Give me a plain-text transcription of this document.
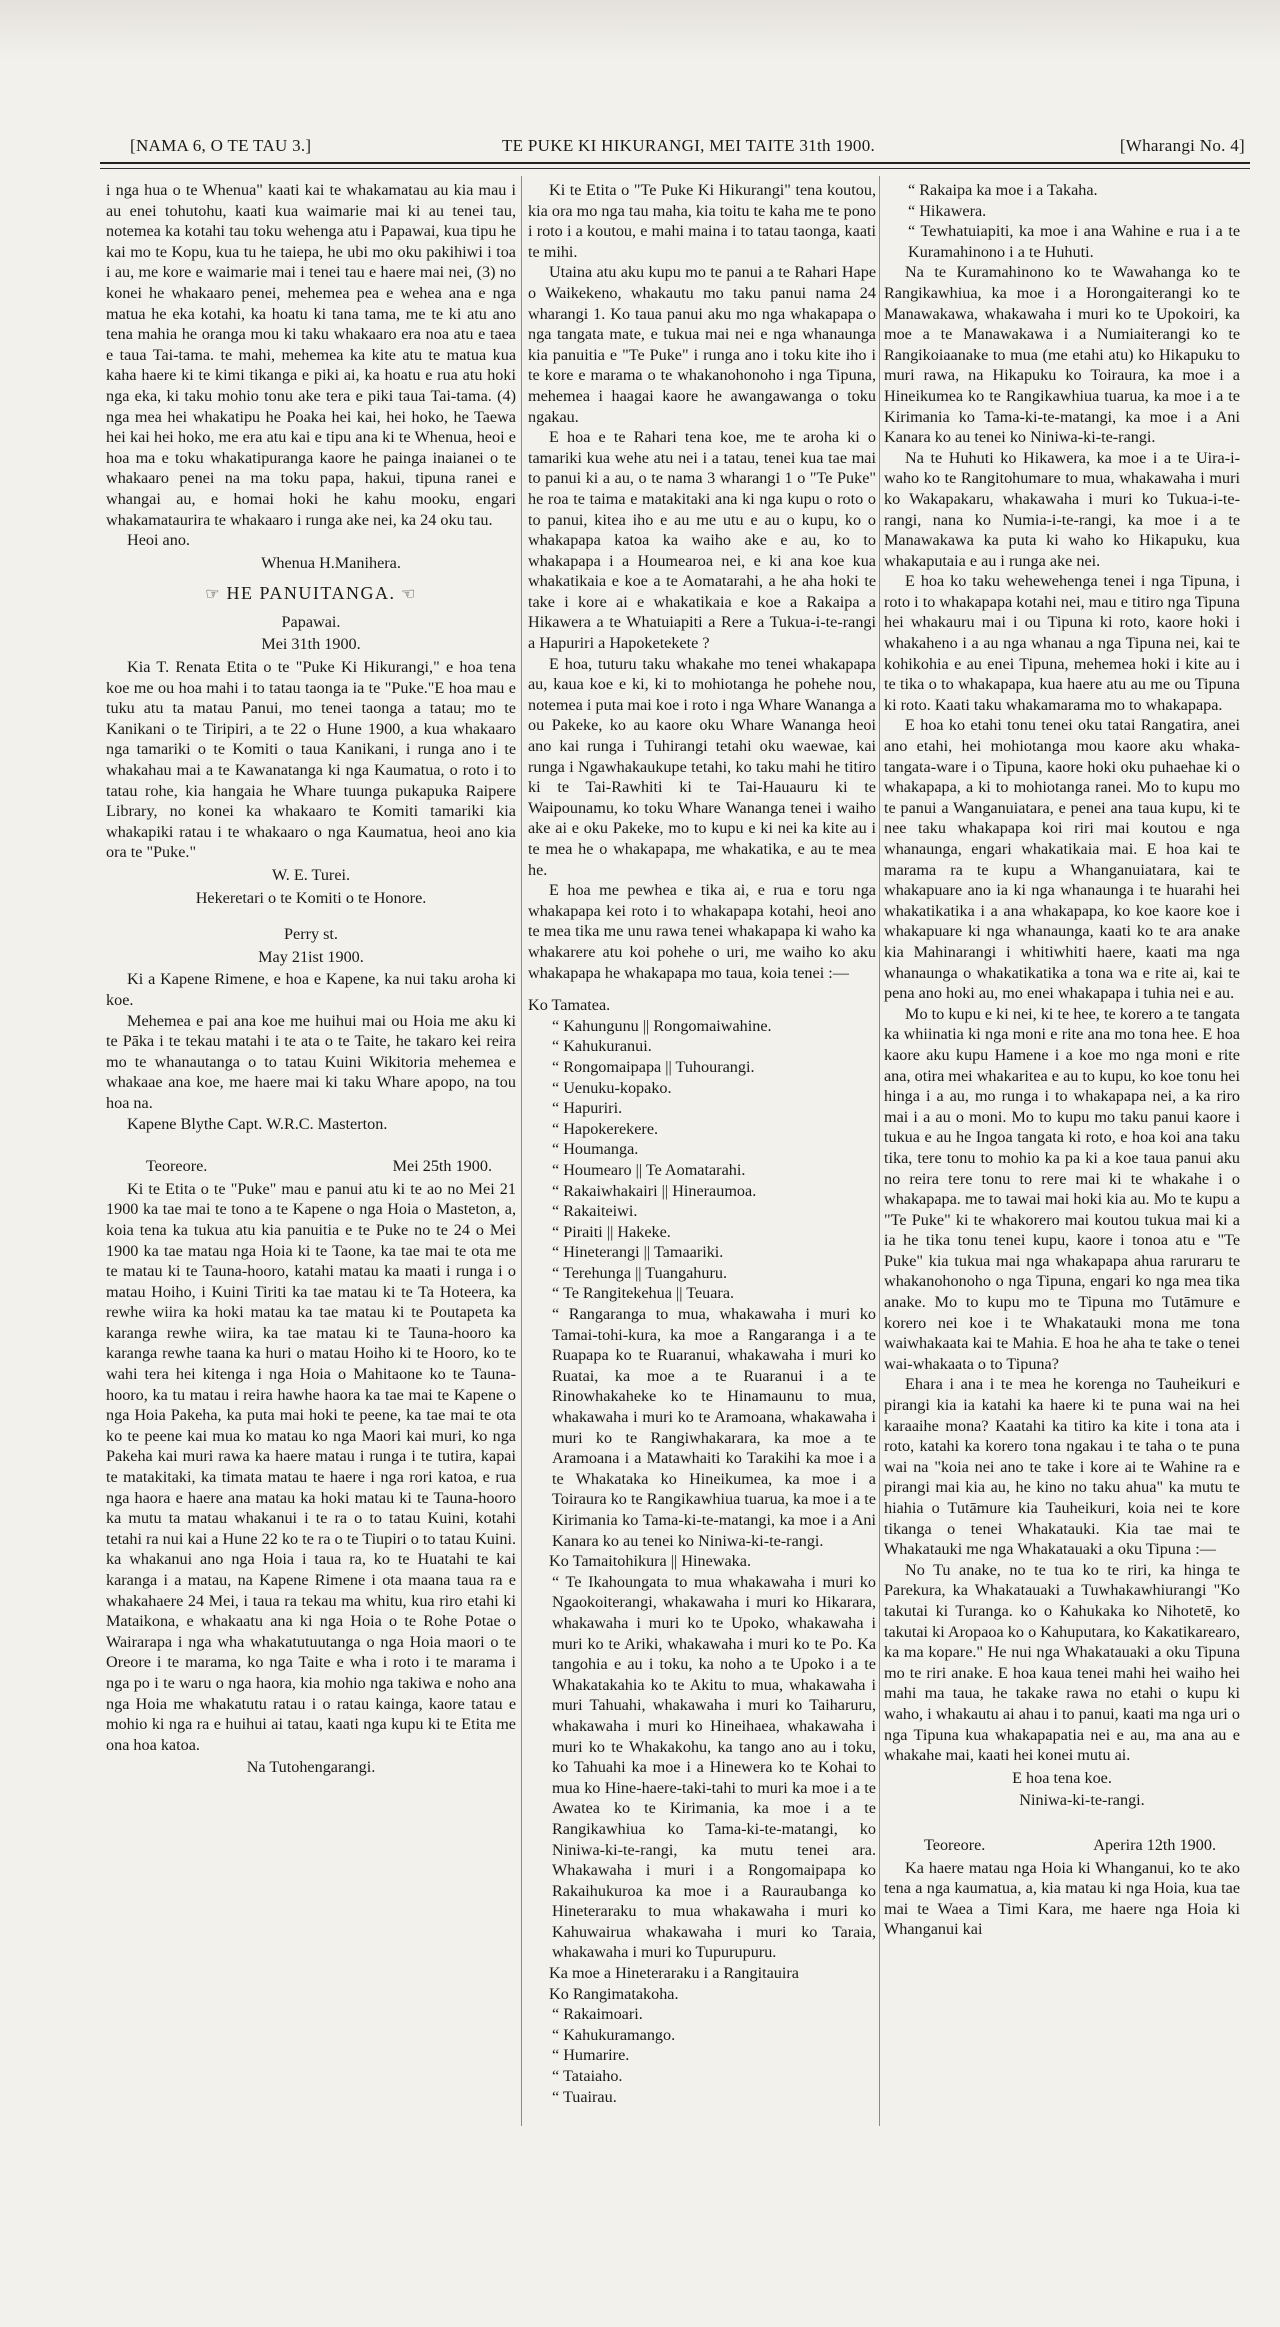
[NAMA 6, O TE TAU 3.]	TE PUKE KI HIKURANGI, MEI TAITE 31th 1900.	[Wharangi No. 4]

i nga hua o te Whenua" kaati kai te whakamatau au kia mau i au enei tohutohu, kaati kua waimarie mai ki au tenei tau, notemea ka kotahi tau toku wehenga atu i Papawai, kua tipu he kai mo te Kopu, kua tu he taiepa, he ubi mo oku pakihiwi i toa i au, me kore e waimarie mai i tenei tau e haere mai nei, (3) no konei he whakaaro penei, mehemea pea e wehea ana e nga matua he eka kotahi, ka hoatu ki tana tama, me te ki atu ano tena mahia he oranga mou ki taku whakaaro era noa atu e taea e taua Tai-tama. te mahi, mehemea ka kite atu te matua kua kaha haere ki te kimi tikanga e piki ai, ka hoatu e rua atu hoki nga eka, ki taku mohio tonu ake tera e piki taua Tai-tama. (4) nga mea hei whakatipu he Poaka hei kai, hei hoko, he Taewa hei kai hei hoko, me era atu kai e tipu ana ki te Whenua, heoi e hoa ma e toku whakatipuranga kaore he painga inaianei o te whakaaro penei na ma toku papa, hakui, tipuna ranei e whangai au, e homai hoki he kahu mooku, engari whakamataurira te whakaaro i runga ake nei, ka 24 oku tau.

Heoi ano.

Whenua H.Manihera.

☞ HE PANUITANGA. ☜

Papawai.

Mei 31th 1900.

Kia T. Renata Etita o te "Puke Ki Hikurangi," e hoa tena koe me ou hoa mahi i to tatau taonga ia te "Puke."E hoa mau e tuku atu ta matau Panui, mo tenei taonga a tatau; mo te Kanikani o te Tiripiri, a te 22 o Hune 1900, a kua whakaaro nga tamariki o te Komiti o taua Kanikani, i runga ano i te whakahau mai a te Kawanatanga ki nga Kaumatua, o roto i to tatau rohe, kia hangaia he Whare tuunga pukapuka Raipere Library, no konei ka whakaaro te Komiti tamariki kia whakapiki ratau i te whakaaro o nga Kaumatua, heoi ano kia ora te "Puke."

W. E. Turei.

Hekeretari o te Komiti o te Honore.

Perry st.

May 21ist 1900.

Ki a Kapene Rimene, e hoa e Kapene, ka nui taku aroha ki koe.

Mehemea e pai ana koe me huihui mai ou Hoia me aku ki te Pāka i te tekau matahi i te ata o te Taite, he takaro kei reira mo te whanautanga o to tatau Kuini Wikitoria mehemea e whakaae ana koe, me haere mai ki taku Whare apopo, na tou hoa na.

Kapene Blythe Capt. W.R.C. Masterton.

Teoreore.	Mei 25th 1900.

Ki te Etita o te "Puke" mau e panui atu ki te ao no Mei 21 1900 ka tae mai te tono a te Kapene o nga Hoia o Masteton, a, koia tena ka tukua atu kia panuitia e te Puke no te 24 o Mei 1900 ka tae matau nga Hoia ki te Taone, ka tae mai te ota me te matau ki te Tauna-hooro, katahi matau ka maati i runga i o matau Hoiho, i Kuini Tiriti ka tae matau ki te Ta Hoteera, ka rewhe wiira ka hoki matau ka tae matau ki te Poutapeta ka karanga rewhe wiira, ka tae matau ki te Tauna-hooro ka karanga rewhe taana ka huri o matau Hoiho ki te Hooro, ko te wahi tera hei kitenga i nga Hoia o Mahitaone ko te Tauna-hooro, ka tu matau i reira hawhe haora ka tae mai te Kapene o nga Hoia Pakeha, ka puta mai hoki te peene, ka tae mai te ota ko te peene kai mua ko matau ko nga Maori kai muri, ko nga Pakeha kai muri rawa ka haere matau i runga i te tutira, kapai te matakitaki, ka timata matau te haere i nga rori katoa, e rua nga haora e haere ana matau ka hoki matau ki te Tauna-hooro ka mutu ta matau whakanui i te ra o to tatau Kuini, kotahi tetahi ra nui kai a Hune 22 ko te ra o te Tiupiri o to tatau Kuini. ka whakanui ano nga Hoia i taua ra, ko te Huatahi te kai karanga i a matau, na Kapene Rimene i ota maana taua ra e whakahaere 24 Mei, i taua ra tekau ma whitu, kua riro etahi ki Mataikona, e whakaatu ana ki nga Hoia o te Rohe Potae o Wairarapa i nga wha whakatutuutanga o nga Hoia maori o te Oreore i te marama, ko nga Taite e wha i roto i te marama i nga po i te waru o nga haora, kia mohio nga takiwa e noho ana nga Hoia me whakatutu ratau i o ratau kainga, kaore tatau e mohio ki nga ra e huihui ai tatau, kaati nga kupu ki te Etita me ona hoa katoa.

Na Tutohengarangi.

Ki te Etita o "Te Puke Ki Hikurangi" tena koutou, kia ora mo nga tau maha, kia toitu te kaha me te pono i roto i a koutou, e mahi maina i to tatau taonga, kaati te mihi.

Utaina atu aku kupu mo te panui a te Rahari Hape o Waikekeno, whakautu mo taku panui nama 24 wharangi 1. Ko taua panui aku mo nga whakapapa o nga tangata mate, e tukua mai nei e nga whanaunga kia panuitia e "Te Puke" i runga ano i toku kite iho i te kore e marama o te whakanohonoho i nga Tipuna, mehemea i haagai kaore he awangawanga o toku ngakau.

E hoa e te Rahari tena koe, me te aroha ki o tamariki kua wehe atu nei i a tatau, tenei kua tae mai to panui ki a au, o te nama 3 wharangi 1 o "Te Puke" he roa te taima e matakitaki ana ki nga kupu o roto o to panui, kitea iho e au me utu e au o kupu, ko o whakapapa katoa ka waiho ake e au, ko to whakapapa i a Houmearoa nei, e ki ana koe kua whakatikaia e koe a te Aomatarahi, a he aha hoki te take i kore ai e whakatikaia e koe a Rakaipa a Hikawera a te Whatuiapiti a Rere a Tukua-i-te-rangi a Hapuriri a Hapoketekete ?

E hoa, tuturu taku whakahe mo tenei whakapapa au, kaua koe e ki, ki to mohiotanga he pohehe nou, notemea i puta mai koe i roto i nga Whare Wananga a ou Pakeke, ko au kaore oku Whare Wananga heoi ano kai runga i Tuhirangi tetahi oku waewae, kai runga i Ngawhakaukupe tetahi, ko taku mahi he titiro ki te Tai-Rawhiti ki te Tai-Hauauru ki te Waipounamu, ko toku Whare Wananga tenei i waiho ake ai e oku Pakeke, mo to kupu e ki nei ka kite au i te mea he o whakapapa, me whakatika, e au te mea he.

E hoa me pewhea e tika ai, e rua e toru nga whakapapa kei roto i to whakapapa kotahi, heoi ano te mea tika me unu rawa tenei whakapapa ki waho ka whakarere atu koi pohehe o uri, me waiho ko aku whakapapa he whakapapa mo taua, koia tenei :—

Ko Tamatea.

“ Kahungunu || Rongomaiwahine.

“ Kahukuranui.

“ Rongomaipapa || Tuhourangi.

“ Uenuku-kopako.

“ Hapuriri.

“ Hapokerekere.

“ Houmanga.

“ Houmearo || Te Aomatarahi.

“ Rakaiwhakairi || Hineraumoa.

“ Rakaiteiwi.

“ Piraiti || Hakeke.

“ Hineterangi || Tamaariki.

“ Terehunga || Tuangahuru.

“ Te Rangitekehua || Teuara.

“ Rangaranga to mua, whakawaha i muri ko Tamai-tohi-kura, ka moe a Rangaranga i a te Ruapapa ko te Ruaranui, whakawaha i muri ko Ruatai, ka moe a te Ruaranui i a te Rinowhakaheke ko te Hinamaunu to mua, whakawaha i muri ko te Aramoana, whakawaha i muri ko te Rangiwhakarara, ka moe a te Aramoana i a Matawhaiti ko Tarakihi ka moe i a te Whakataka ko Hineikumea, ka moe i a Toiraura ko te Rangikawhiua tuarua, ka moe i a te Kirimania ko Tama-ki-te-matangi, ka moe i a Ani Kanara ko au tenei ko Niniwa-ki-te-rangi.

Ko Tamaitohikura || Hinewaka.

“ Te Ikahoungata to mua whakawaha i muri ko Ngaokoiterangi, whakawaha i muri ko Hikarara, whakawaha i muri ko te Upoko, whakawaha i muri ko te Ariki, whakawaha i muri ko te Po. Ka tangohia e au i toku, ka noho a te Upoko i a te Whakatakahia ko te Akitu to mua, whakawaha i muri Tahuahi, whakawaha i muri ko Taiharuru, whakawaha i muri ko Hineihaea, whakawaha i muri ko te Whakakohu, ka tango ano au i toku, ko Tahuahi ka moe i a Hinewera ko te Kohai to mua ko Hine-haere-taki-tahi to muri ka moe i a te Awatea ko te Kirimania, ka moe i a te Rangikawhiua ko Tama-ki-te-matangi, ko Niniwa-ki-te-rangi, ka mutu tenei ara. Whakawaha i muri i a Rongomaipapa ko Rakaihukuroa ka moe i a Rauraubanga ko Hineteraraku to mua whakawaha i muri ko Kahuwairua whakawaha i muri ko Taraia, whakawaha i muri ko Tupurupuru.

Ka moe a Hineteraraku i a Rangitauira

Ko Rangimatakoha.

“ Rakaimoari.

“ Kahukuramango.

“ Humarire.

“ Tataiaho.

“ Tuairau.

“ Rakaipa ka moe i a Takaha.

“ Hikawera.

“ Tewhatuiapiti, ka moe i ana Wahine e rua i a te Kuramahinono i a te Huhuti.

Na te Kuramahinono ko te Wawahanga ko te Rangikawhiua, ka moe i a Horongaiterangi ko te Manawakawa, whakawaha i muri ko te Upokoiri, ka moe a te Manawakawa i a Numiaiterangi ko te Rangikoiaanake to mua (me etahi atu) ko Hikapuku to muri rawa, na Hikapuku ko Toiraura, ka moe i a Hineikumea ko te Rangikawhiua tuarua, ka moe i a te Kirimania ko Tama-ki-te-matangi, ka moe i a Ani Kanara ko au tenei ko Niniwa-ki-te-rangi.

Na te Huhuti ko Hikawera, ka moe i a te Uira-i-waho ko te Rangitohumare to mua, whakawaha i muri ko Wakapakaru, whakawaha i muri ko Tukua-i-te-rangi, nana ko Numia-i-te-rangi, ka moe i a te Manawakawa ka puta ki waho ko Hikapuku, kua whakaputaia e au i runga ake nei.

E hoa ko taku wehewehenga tenei i nga Tipuna, i roto i to whakapapa kotahi nei, mau e titiro nga Tipuna hei whakauru mai i ou Tipuna ki roto, kaore hoki i whakaheno i a au nga whanau a nga Tipuna nei, kai te kohikohia e au enei Tipuna, mehemea hoki i kite au i te tika o to whakapapa, kua haere atu au me ou Tipuna ki roto. Kaati taku whakamarama mo to whakapapa.

E hoa ko etahi tonu tenei oku tatai Rangatira, anei ano etahi, hei mohiotanga mou kaore aku whaka-tangata-ware i o Tipuna, kaore hoki oku puhaehae ki o whakapapa, a ki to mohiotanga ranei. Mo to kupu mo te panui a Wanganuiatara, e penei ana taua kupu, ki te nee taku whakapapa koi riri mai koutou e nga whanaunga, engari whakatikaia mai. E hoa kai te marama ra te kupu a Whanganuiatara, kai te whakapuare ano ia ki nga whanaunga i te huarahi hei whakatikatika i a ana whakapapa, ko koe kaore koe i whakapuare ki nga whanaunga, kaati ko te ara anake kia Mahinarangi i whitiwhiti haere, kaati ma nga whanaunga o whakatikatika a tona wa e rite ai, kai te pena ano hoki au, mo enei whakapapa i tuhia nei e au.

Mo to kupu e ki nei, ki te hee, te korero a te tangata ka whiinatia ki nga moni e rite ana mo tona hee. E hoa kaore aku kupu Hamene i a koe mo nga moni e rite ana, otira mei whakaritea e au to kupu, ko koe tonu hei hinga i a au, mo runga i to whakapapa nei, a ka riro mai i a au o moni. Mo to kupu mo taku panui kaore i tukua e au he Ingoa tangata ki roto, e hoa koi ana taku tika, tere tonu to mohio ka pa ki a koe taua panui aku no reira tere tonu to rere mai ki te whakahe i o whakapapa. me to tawai mai hoki kia au. Mo te kupu a "Te Puke" ki te whakorero mai koutou tukua mai ki a ia he tika tonu tenei kupu, kaore i tonoa atu e "Te Puke" kia tukua mai nga whakapapa ahua raruraru te whakanohonoho o nga Tipuna, engari ko nga mea tika anake. Mo to kupu mo te Tipuna mo Tutāmure e korero nei koe i te Whakatauki mona me tona waiwhakaata kai te Mahia. E hoa he aha te take o tenei wai-whakaata o to Tipuna?

Ehara i ana i te mea he korenga no Tauheikuri e pirangi kia ia katahi ka haere ki te puna wai na hei karaaihe mona? Kaatahi ka titiro ka kite i tona ata i roto, katahi ka korero tona ngakau i te taha o te puna wai na "koia nei ano te take i kore ai te Wahine ra e pirangi mai kia au, he kino no taku ahua" ka mutu te hiahia o Tutāmure kia Tauheikuri, koia nei te kore tikanga o tenei Whakatauki. Kia tae mai te Whakatauki me nga Whakatauaki a oku Tipuna :—

No Tu anake, no te tua ko te riri, ka hinga te Parekura, ka Whakatauaki a Tuwhakawhiurangi "Ko takutai ki Turanga. ko o Kahukaka ko Nihotetē, ko takutai ki Aropaoa ko o Kahuputara, ko Kakatikarearo, ka ma kopare." He nui nga Whakatauaki a oku Tipuna mo te riri anake. E hoa kaua tenei mahi hei waiho hei mahi ma taua, he takake rawa no etahi o kupu ki waho, i whakautu ai ahau i to panui, kaati ma nga uri o nga Tipuna kua whakapapatia nei e au, ma ana au e whakahe mai, kaati hei konei mutu ai.

E hoa tena koe.

Niniwa-ki-te-rangi.

Teoreore.	Aperira 12th 1900.

Ka haere matau nga Hoia ki Whanganui, ko te ako tena a nga kaumatua, a, kia matau ki nga Hoia, kua tae mai te Waea a Timi Kara, me haere nga Hoia ki Whanganui kai
